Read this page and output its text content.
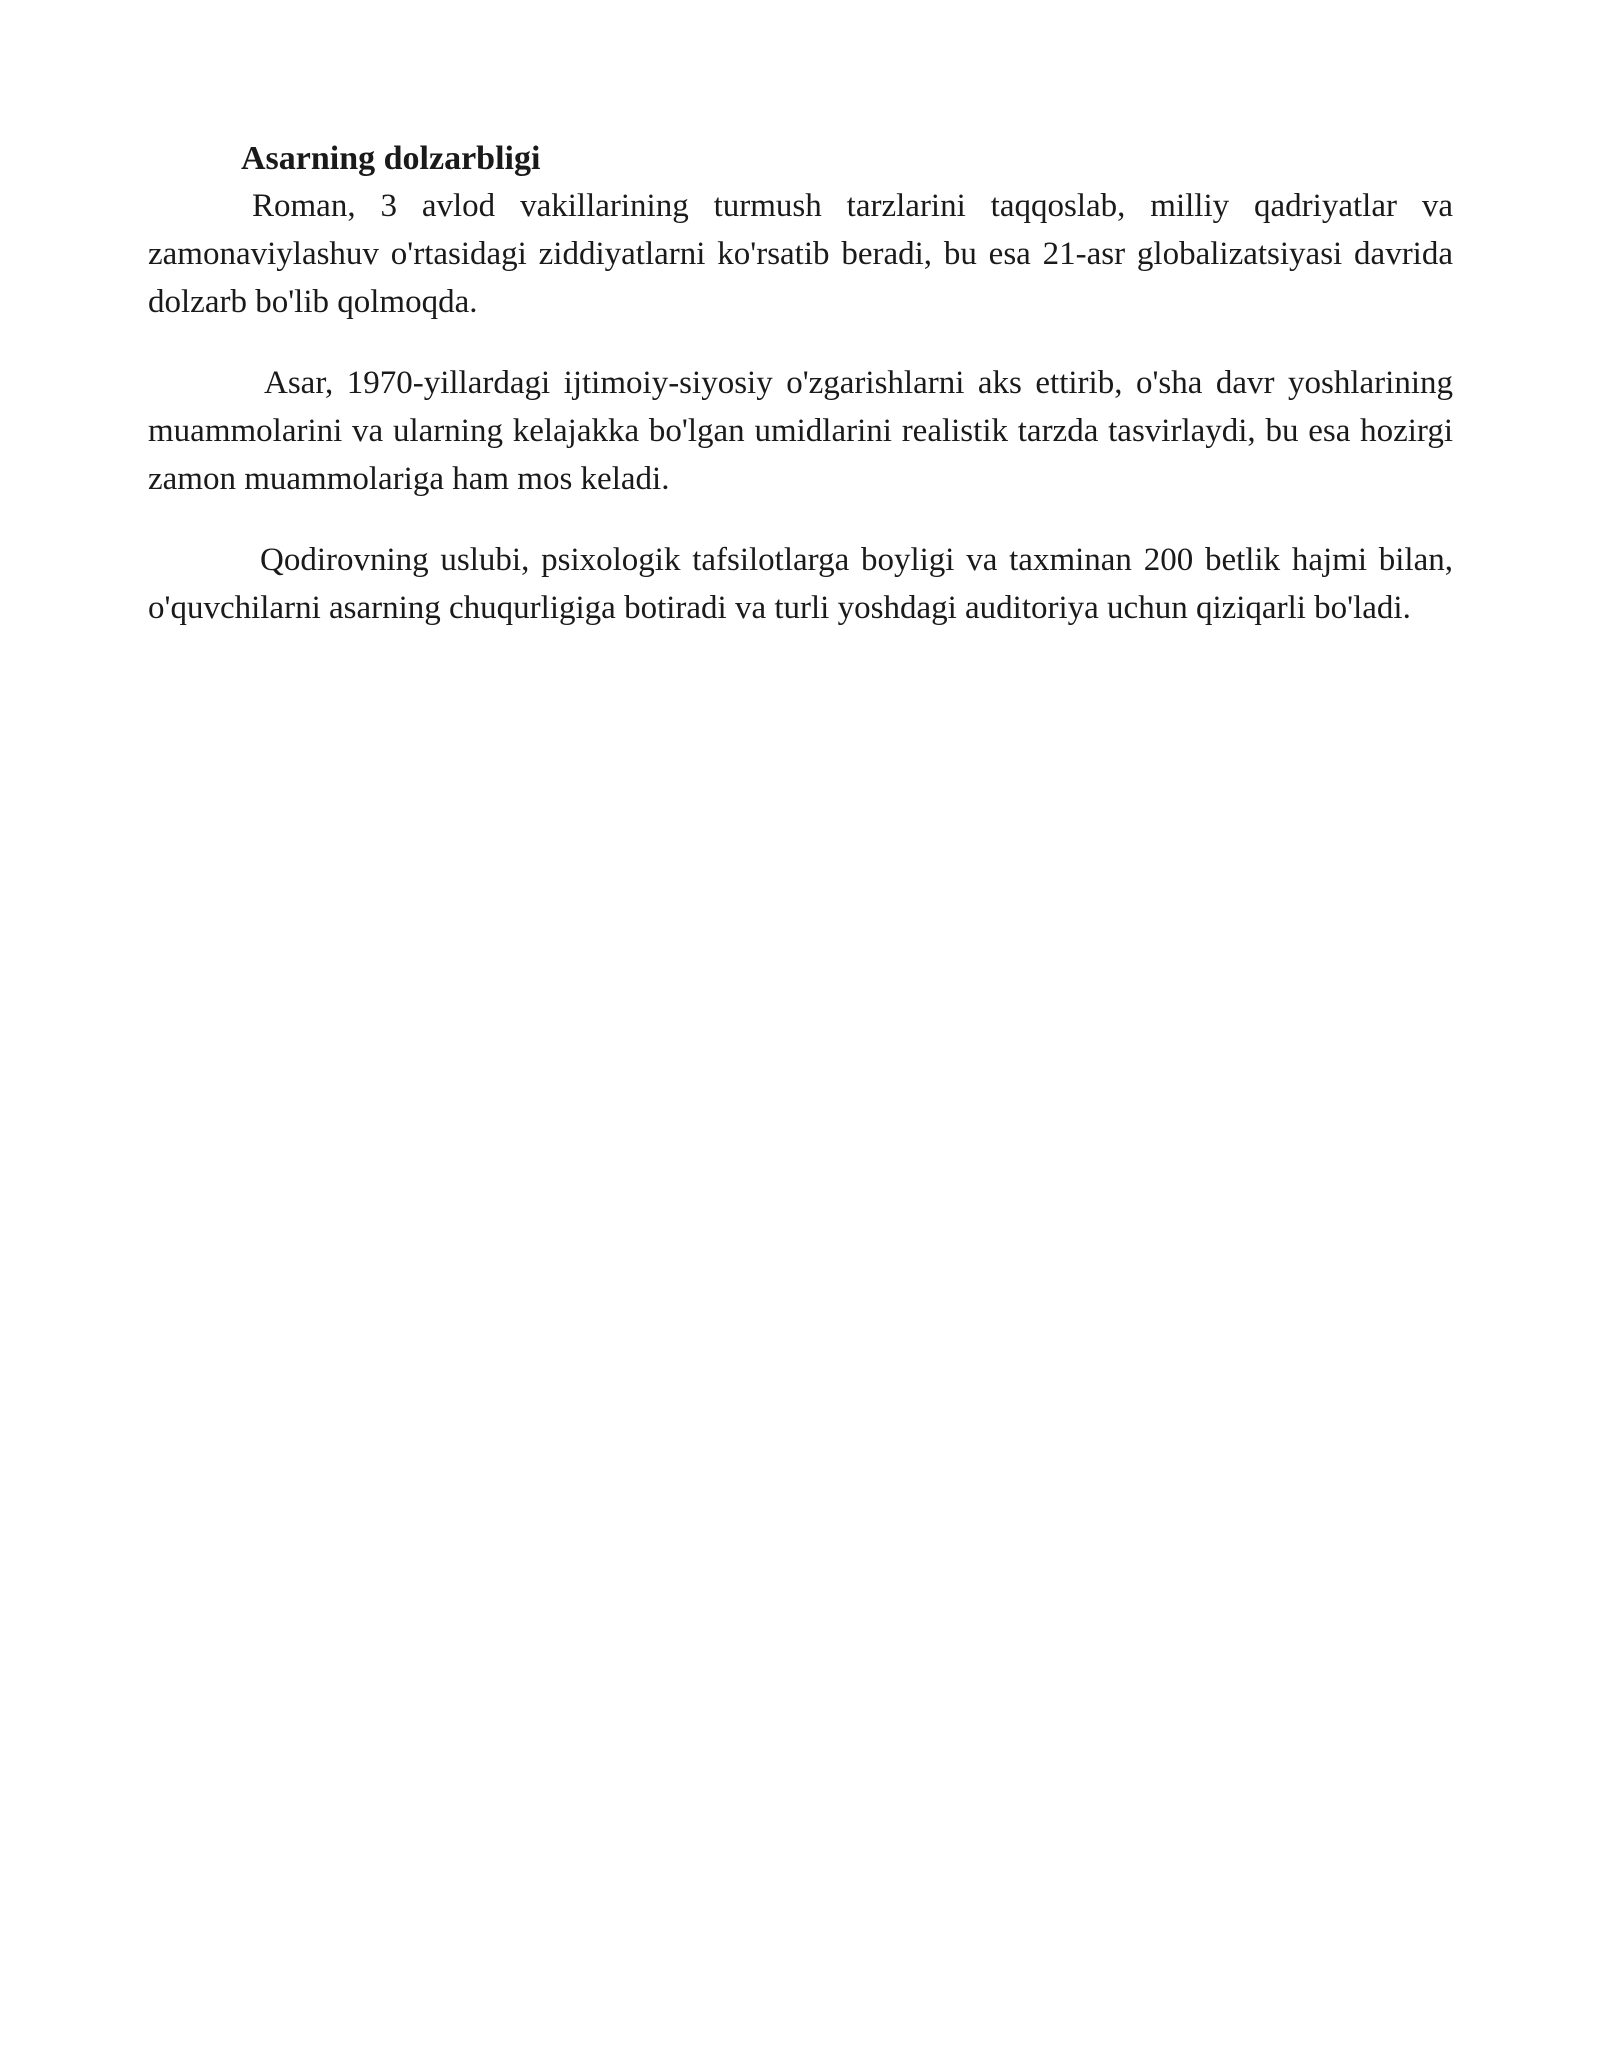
Asarning dolzarbligi

Roman, 3 avlod vakillarining turmush tarzlarini taqqoslab, milliy qadriyatlar va zamonaviylashuv o'rtasidagi ziddiyatlarni ko'rsatib beradi, bu esa 21-asr globalizatsiyasi davrida dolzarb bo'lib qolmoqda.

Asar, 1970-yillardagi ijtimoiy-siyosiy o'zgarishlarni aks ettirib, o'sha davr yoshlarining muammolarini va ularning kelajakka bo'lgan umidlarini realistik tarzda tasvirlaydi, bu esa hozirgi zamon muammolariga ham mos keladi.

Qodirovning uslubi, psixologik tafsilotlarga boyligi va taxminan 200 betlik hajmi bilan, o'quvchilarni asarning chuqurligiga botiradi va turli yoshdagi auditoriya uchun qiziqarli bo'ladi.
